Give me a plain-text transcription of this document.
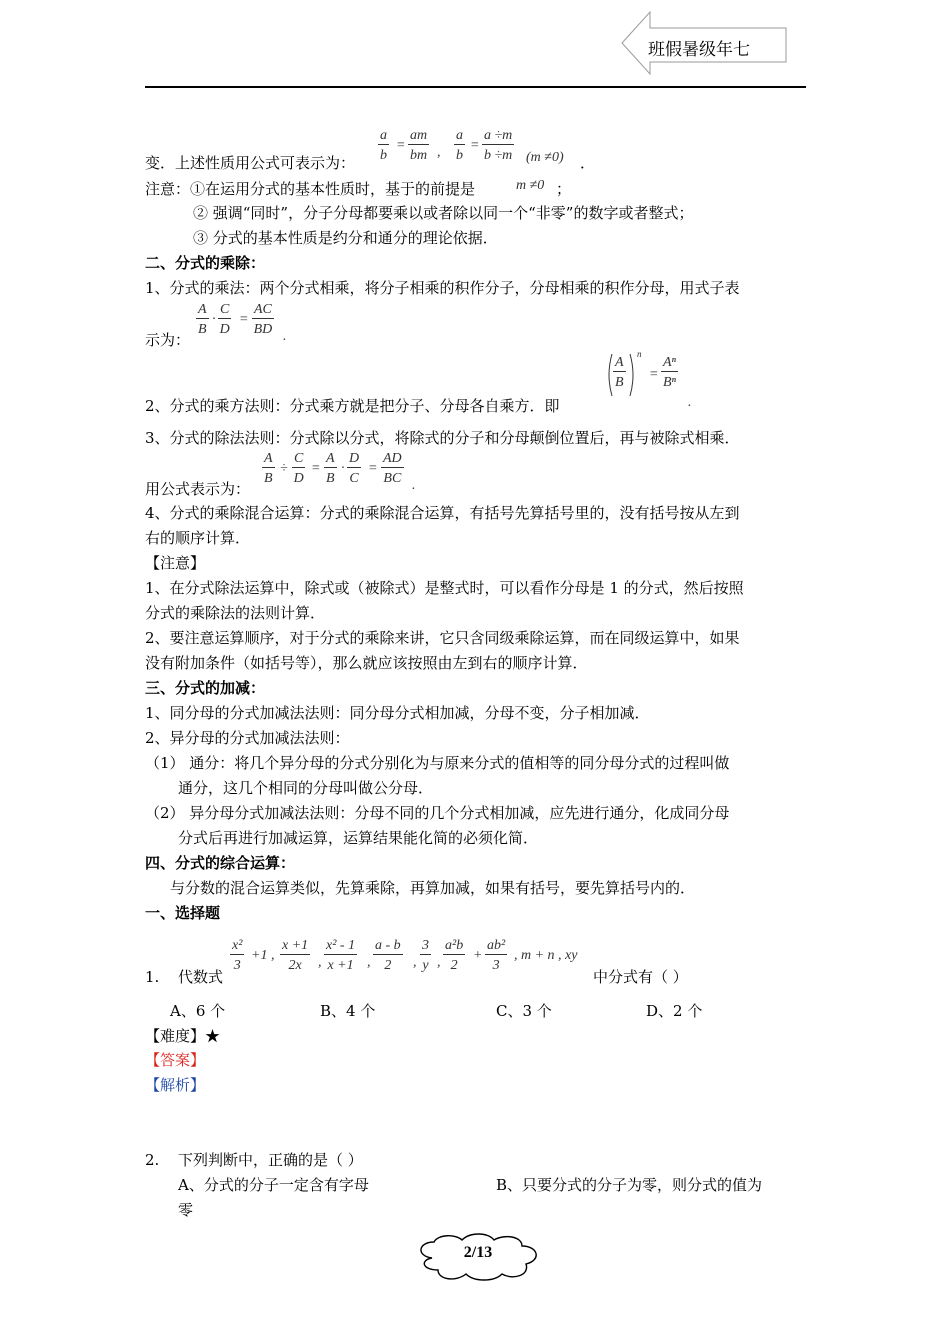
班假暑级年七
变．上述性质用公式可表示为： $\frac{a}{b} = \frac{am}{bm}$ , $\frac{a}{b} = \frac{a \div m}{b \div m} (m \ne 0)$ ．
注意：①在运用分式的基本性质时，基于的前提是	m ≠0 ；
② 强调“同时”，分子分母都要乘以或者除以同一个“非零”的数字或者整式；
③ 分式的基本性质是约分和通分的理论依据．
二、分式的乘除：
1、分式的乘法：两个分式相乘，将分子相乘的积作分子，分母相乘的积作分母，用式子表
示为：
$\frac{A}{B} \cdot \frac{C}{D} = \frac{AC}{BD}$ .
$\frac{A}{B}$
n
= $\frac{\text{Aⁿ}}{\text{Bⁿ}}$
2、分式的乘方法则：分式乘方就是把分子、分母各自乘方．即	.
3、分式的除法法则：分式除以分式，将除式的分子和分母颠倒位置后，再与被除式相乘．
用公式表示为：
$\frac{A}{B} \div \frac{C}{D} = \frac{A}{B} \cdot \frac{D}{C} = \frac{AD}{BC}$ .
4、分式的乘除混合运算：分式的乘除混合运算，有括号先算括号里的，没有括号按从左到
右的顺序计算．
【注意】
1、在分式除法运算中，除式或（被除式）是整式时，可以看作分母是 1 的分式，然后按照
分式的乘除法的法则计算．
2、要注意运算顺序，对于分式的乘除来讲，它只含同级乘除运算，而在同级运算中，如果
没有附加条件（如括号等），那么就应该按照由左到右的顺序计算．
三、分式的加减：
1、同分母的分式加减法法则：同分母分式相加减，分母不变，分子相加减．
2、异分母的分式加减法法则：
（1） 通分：将几个异分母的分式分别化为与原来分式的值相等的同分母分式的过程叫做
通分，这几个相同的分母叫做公分母．
（2） 异分母分式加减法法则：分母不同的几个分式相加减，应先进行通分，化成同分母
分式后再进行加减运算，运算结果能化简的必须化简．
四、分式的综合运算：
与分数的混合运算类似，先算乘除，再算加减，如果有括号，要先算括号内的．
一、选择题
1. 代数式
$\frac{\text{x²}}{3} +1$ , $\frac{x +1}{2x}$ , $\frac{\text{x² - 1}}{x +1}$ , $\frac{a - b}{2}$ , $\frac{3}{y}$ , $\frac{\text{a²b}}{2} + \frac{\text{ab²}}{3}$ , m + n , xy
中分式有（ ）
A、6 个	B、4 个	C、3 个	D、2 个
【难度】★
【答案】
【解析】
2. 下列判断中，正确的是（ ）
A、分式的分子一定含有字母	B、只要分式的分子为零，则分式的值为
零
2/13
